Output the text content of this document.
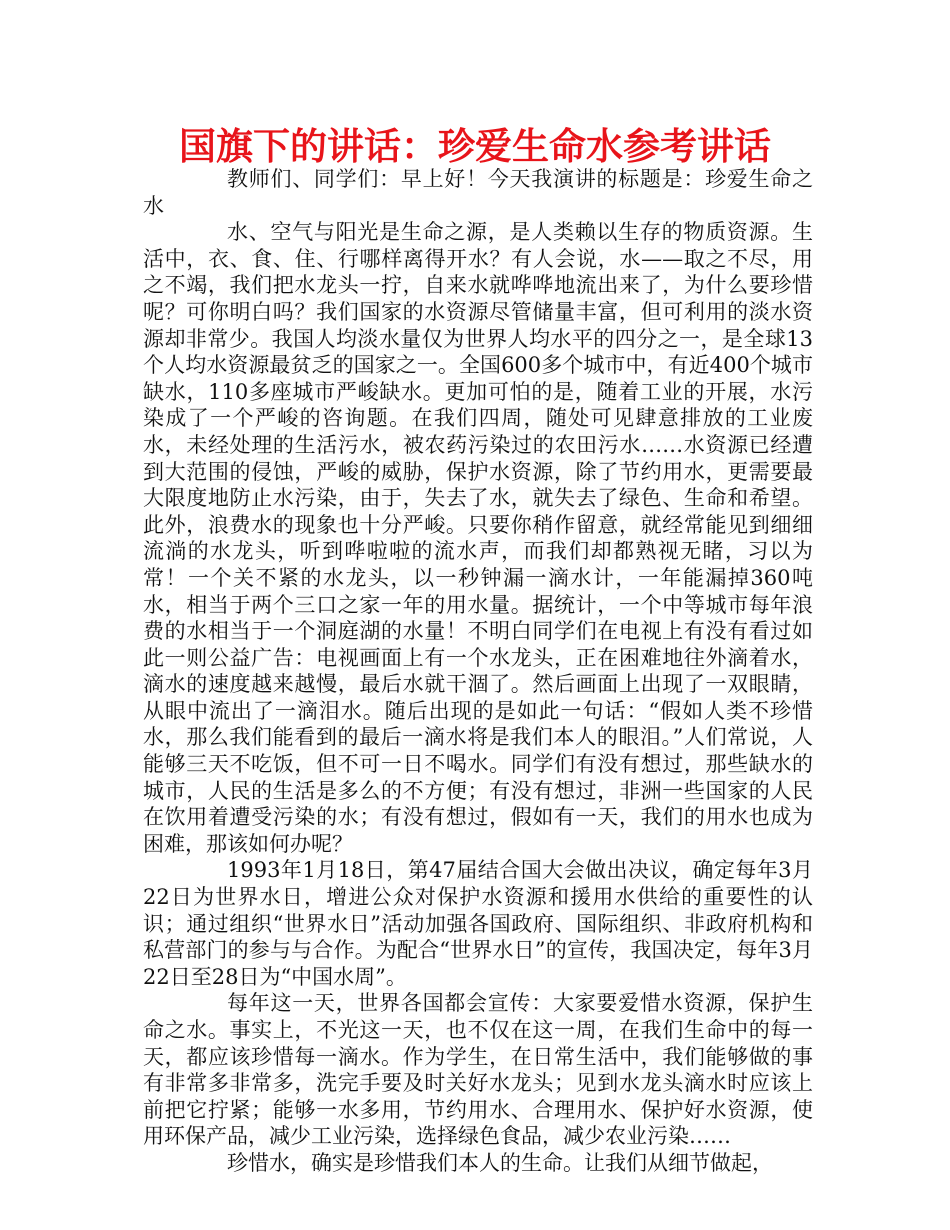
国旗下的讲话：珍爱生命水参考讲话

教师们、同学们：早上好！今天我演讲的标题是：珍爱生命之水

水、空气与阳光是生命之源，是人类赖以生存的物质资源。生活中，衣、食、住、行哪样离得开水？有人会说，水——取之不尽，用之不竭，我们把水龙头一拧，自来水就哗哗地流出来了，为什么要珍惜呢？可你明白吗？我们国家的水资源尽管储量丰富，但可利用的淡水资源却非常少。我国人均淡水量仅为世界人均水平的四分之一，是全球13个人均水资源最贫乏的国家之一。全国600多个城市中，有近400个城市缺水，110多座城市严峻缺水。更加可怕的是，随着工业的开展，水污染成了一个严峻的咨询题。在我们四周，随处可见肆意排放的工业废水，未经处理的生活污水，被农药污染过的农田污水……水资源已经遭到大范围的侵蚀，严峻的威胁，保护水资源，除了节约用水，更需要最大限度地防止水污染，由于，失去了水，就失去了绿色、生命和希望。此外，浪费水的现象也十分严峻。只要你稍作留意，就经常能见到细细流淌的水龙头，听到哗啦啦的流水声，而我们却都熟视无睹，习以为常！一个关不紧的水龙头，以一秒钟漏一滴水计，一年能漏掉360吨水，相当于两个三口之家一年的用水量。据统计，一个中等城市每年浪费的水相当于一个洞庭湖的水量！不明白同学们在电视上有没有看过如此一则公益广告：电视画面上有一个水龙头，正在困难地往外滴着水，滴水的速度越来越慢，最后水就干涸了。然后画面上出现了一双眼睛，从眼中流出了一滴泪水。随后出现的是如此一句话：“假如人类不珍惜水，那么我们能看到的最后一滴水将是我们本人的眼泪。”人们常说，人能够三天不吃饭，但不可一日不喝水。同学们有没有想过，那些缺水的城市，人民的生活是多么的不方便；有没有想过，非洲一些国家的人民在饮用着遭受污染的水；有没有想过，假如有一天，我们的用水也成为困难，那该如何办呢？

1993年1月18日，第47届结合国大会做出决议，确定每年3月22日为世界水日，增进公众对保护水资源和援用水供给的重要性的认识；通过组织“世界水日”活动加强各国政府、国际组织、非政府机构和私营部门的参与与合作。为配合“世界水日”的宣传，我国决定，每年3月22日至28日为“中国水周”。

每年这一天，世界各国都会宣传：大家要爱惜水资源，保护生命之水。事实上，不光这一天，也不仅在这一周，在我们生命中的每一天，都应该珍惜每一滴水。作为学生，在日常生活中，我们能够做的事有非常多非常多，洗完手要及时关好水龙头；见到水龙头滴水时应该上前把它拧紧；能够一水多用，节约用水、合理用水、保护好水资源，使用环保产品，减少工业污染，选择绿色食品，减少农业污染……

珍惜水，确实是珍惜我们本人的生命。让我们从细节做起，
